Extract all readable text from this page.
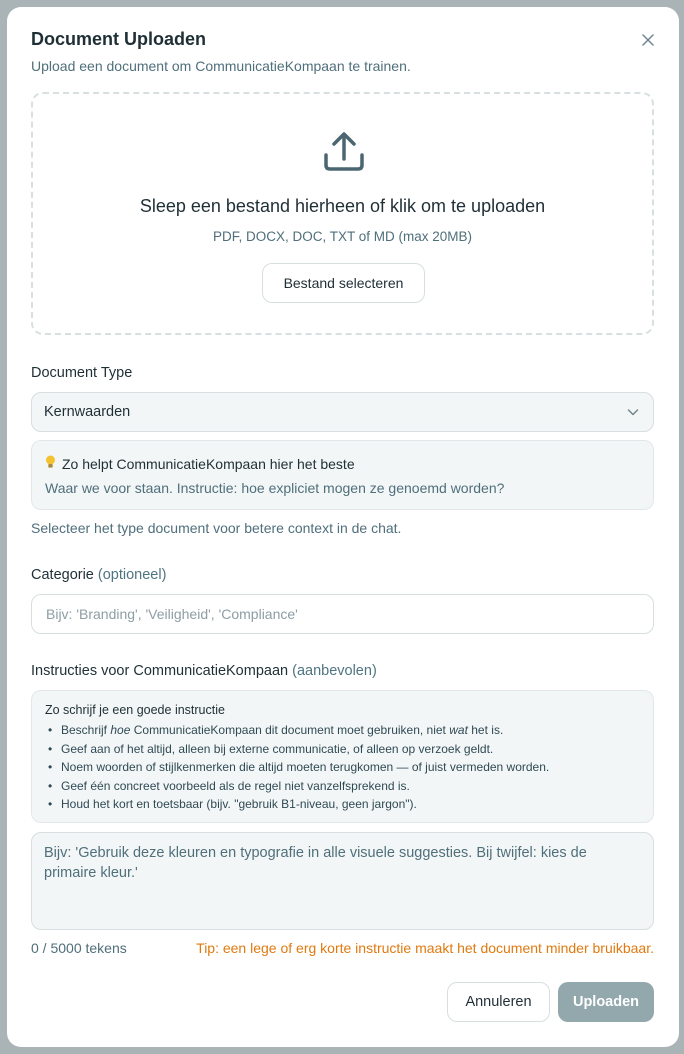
Document Uploaden
Upload een document om CommunicatieKompaan te trainen.
Sleep een bestand hierheen of klik om te uploaden
PDF, DOCX, DOC, TXT of MD (max 20MB)
Bestand selecteren
Document Type
Kernwaarden
Zo helpt CommunicatieKompaan hier het beste
Waar we voor staan. Instructie: hoe expliciet mogen ze genoemd worden?
Selecteer het type document voor betere context in de chat.
Categorie (optioneel)
Bijv: 'Branding', 'Veiligheid', 'Compliance'
Instructies voor CommunicatieKompaan (aanbevolen)
Zo schrijf je een goede instructie
• Beschrijf hoe CommunicatieKompaan dit document moet gebruiken, niet wat het is.
• Geef aan of het altijd, alleen bij externe communicatie, of alleen op verzoek geldt.
• Noem woorden of stijlkenmerken die altijd moeten terugkomen — of juist vermeden worden.
• Geef één concreet voorbeeld als de regel niet vanzelfsprekend is.
• Houd het kort en toetsbaar (bijv. "gebruik B1-niveau, geen jargon").
Bijv: 'Gebruik deze kleuren en typografie in alle visuele suggesties. Bij twijfel: kies de primaire kleur.'
0 / 5000 tekens	Tip: een lege of erg korte instructie maakt het document minder bruikbaar.
Annuleren	Uploaden
